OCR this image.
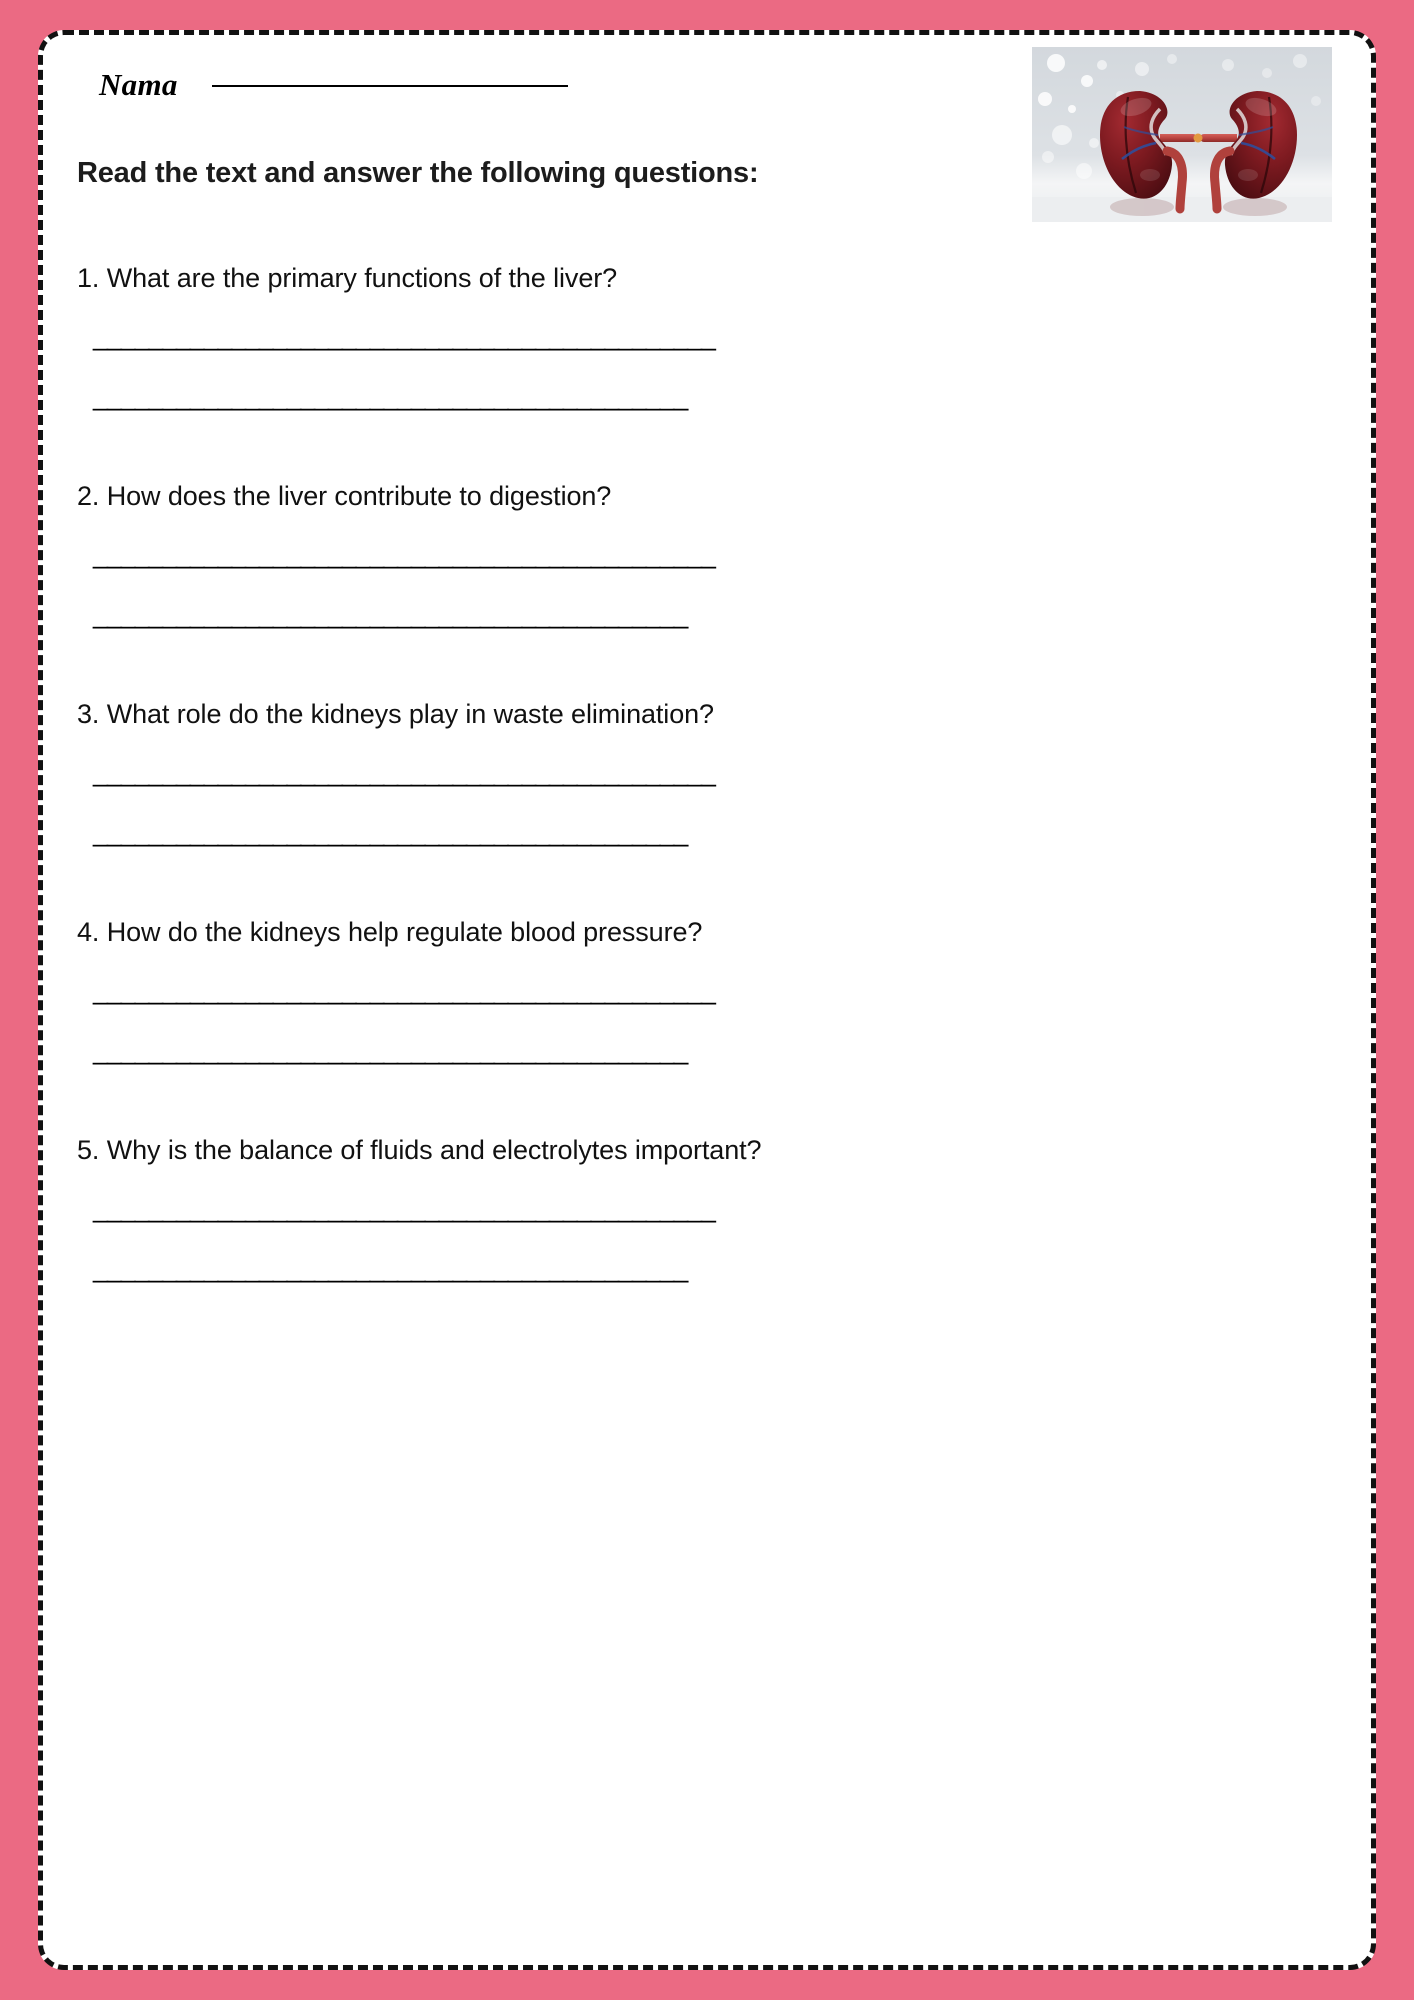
Nama
Read the text and answer the following questions:
1. What are the primary functions of the liver?
_____________________________________________
___________________________________________
2. How does the liver contribute to digestion?
_____________________________________________
___________________________________________
3. What role do the kidneys play in waste elimination?
_____________________________________________
___________________________________________
4. How do the kidneys help regulate blood pressure?
_____________________________________________
___________________________________________
5. Why is the balance of fluids and electrolytes important?
_____________________________________________
___________________________________________
